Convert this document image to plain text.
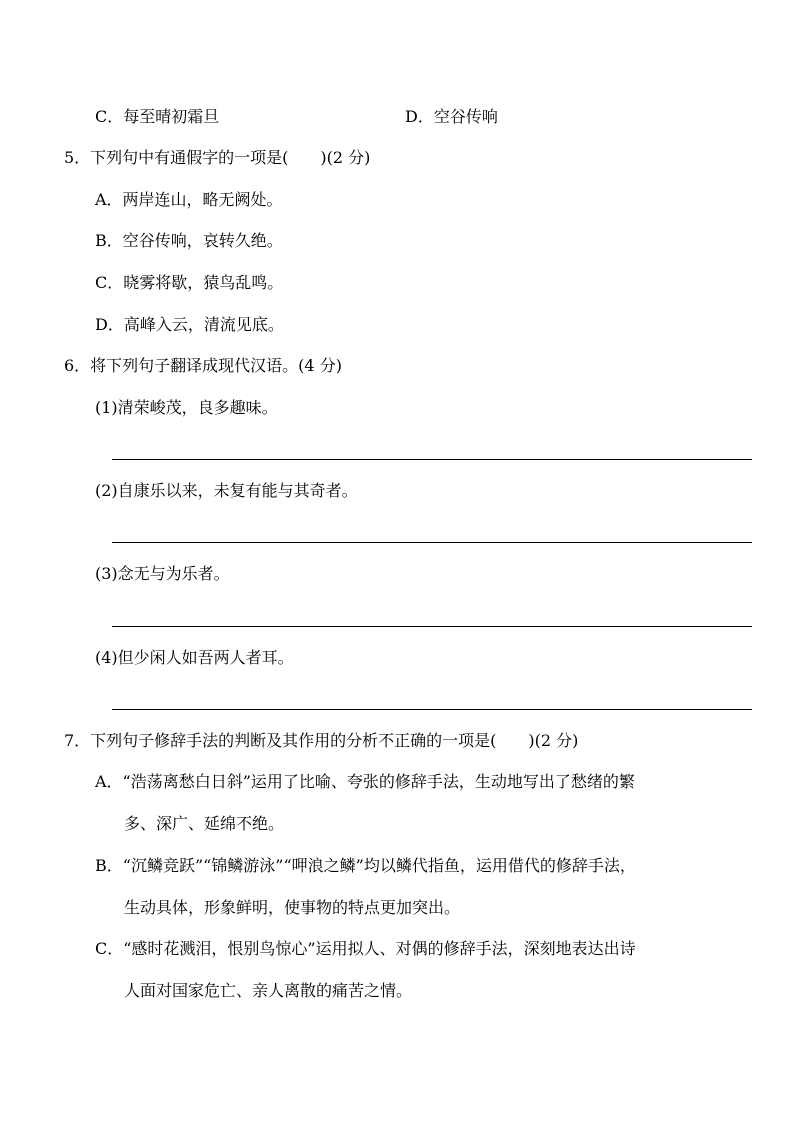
C．每至晴初霜旦	D．空谷传响
5．下列句中有通假字的一项是(　　)(2 分)
A．两岸连山，略无阙处。
B．空谷传响，哀转久绝。
C．晓雾将歇，猿鸟乱鸣。
D．高峰入云，清流见底。
6．将下列句子翻译成现代汉语。(4 分)
(1)清荣峻茂，良多趣味。
(2)自康乐以来，未复有能与其奇者。
(3)念无与为乐者。
(4)但少闲人如吾两人者耳。
7．下列句子修辞手法的判断及其作用的分析不正确的一项是(　　)(2 分)
A．“浩荡离愁白日斜”运用了比喻、夸张的修辞手法，生动地写出了愁绪的繁
多、深广、延绵不绝。
B．“沉鳞竞跃”“锦鳞游泳”“呷浪之鳞”均以鳞代指鱼，运用借代的修辞手法，
生动具体，形象鲜明，使事物的特点更加突出。
C．“感时花溅泪，恨别鸟惊心”运用拟人、对偶的修辞手法，深刻地表达出诗
人面对国家危亡、亲人离散的痛苦之情。
